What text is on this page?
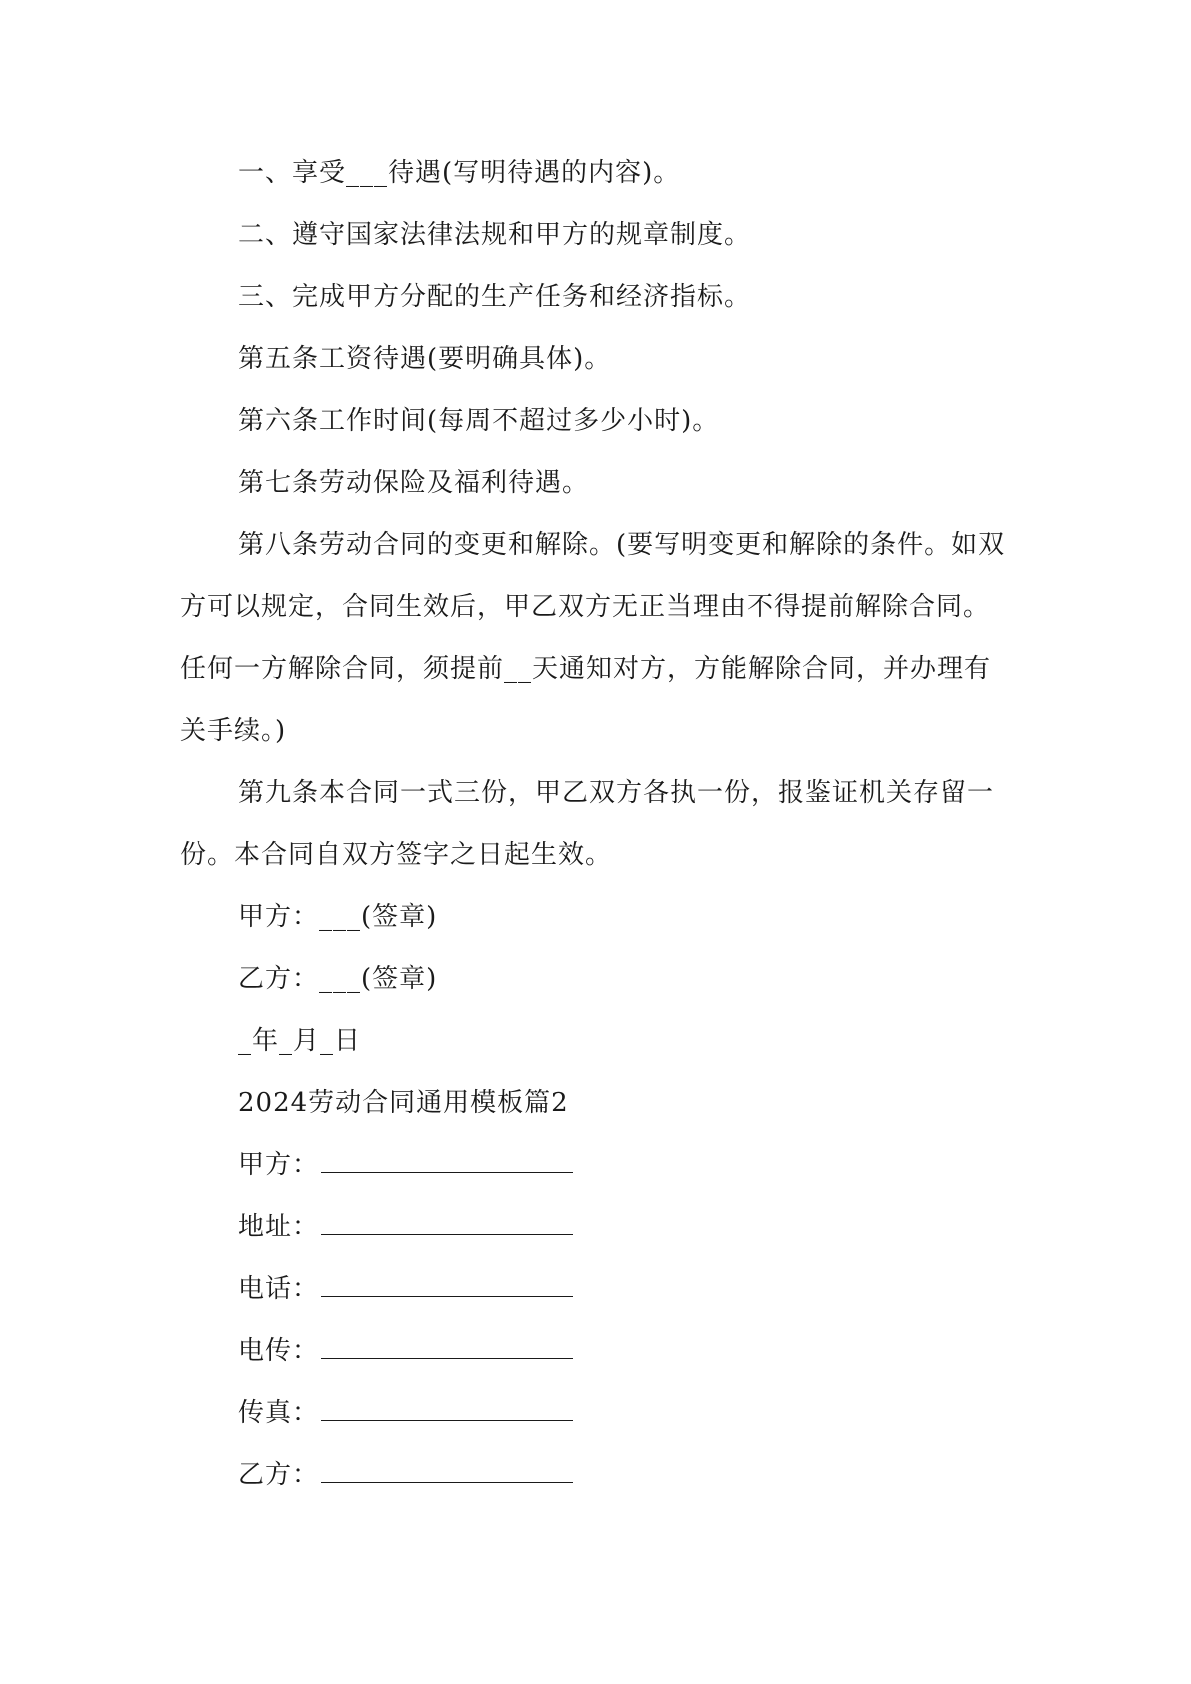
一、享受___待遇(写明待遇的内容)。

二、遵守国家法律法规和甲方的规章制度。

三、完成甲方分配的生产任务和经济指标。

第五条工资待遇(要明确具体)。

第六条工作时间(每周不超过多少小时)。

第七条劳动保险及福利待遇。

第八条劳动合同的变更和解除。(要写明变更和解除的条件。如双方可以规定，合同生效后，甲乙双方无正当理由不得提前解除合同。任何一方解除合同，须提前__天通知对方，方能解除合同，并办理有关手续。)

第九条本合同一式三份，甲乙双方各执一份，报鉴证机关存留一份。本合同自双方签字之日起生效。

甲方：___(签章)

乙方：___(签章)

_年_月_日

2024劳动合同通用模板篇2

甲方：

地址：

电话：

电传：

传真：

乙方：
